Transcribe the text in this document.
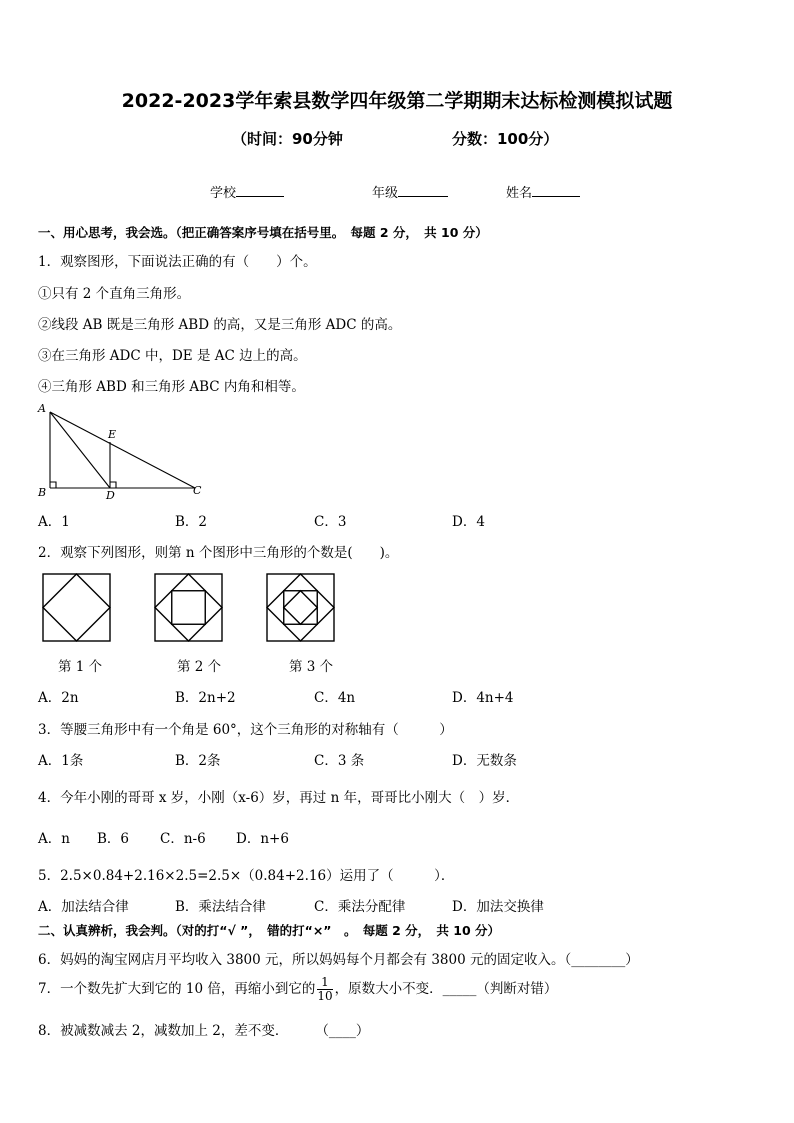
2022-2023学年索县数学四年级第二学期期末达标检测模拟试题
（时间：90分钟	分数：100分）
学校	年级	姓名
一、用心思考，我会选。（把正确答案序号填在括号里。　每题 2 分，　共 10 分）
1．观察图形，下面说法正确的有（　　）个。
①只有 2 个直角三角形。
②线段 AB 既是三角形 ABD 的高，又是三角形 ADC 的高。
③在三角形 ADC 中，DE 是 AC 边上的高。
④三角形 ABD 和三角形 ABC 内角和相等。
A
B	D	C
E
A．1	B．2	C．3	D．4
2．观察下列图形，则第 n 个图形中三角形的个数是(　　)。
第 1 个	第 2 个	第 3 个
A．2n	B．2n+2	C．4n	D．4n+4
3．等腰三角形中有一个角是 60°，这个三角形的对称轴有（　　　）
A．1条	B．2条	C．3 条	D．无数条
4．今年小刚的哥哥 x 岁，小刚（x-6）岁，再过 n 年，哥哥比小刚大（　）岁．
A．n B．6 C．n-6 D．n+6
5．2.5×0.84+2.16×2.5=2.5×（0.84+2.16）运用了（　　　）．
A．加法结合律	B．乘法结合律	C．乘法分配律	D．加法交换律
二、认真辨析，我会判。（对的打“√ ”，　错的打“×”　。　每题 2 分，　共 10 分）
6．妈妈的淘宝网店月平均收入 3800 元，所以妈妈每个月都会有 3800 元的固定收入。（________）
7．一个数先扩大到它的 10 倍，再缩小到它的 $\frac{1}{10}$ ，原数大小不变．_____（判断对错）
8．被减数减去 2，减数加上 2，差不变．　　　（____）
